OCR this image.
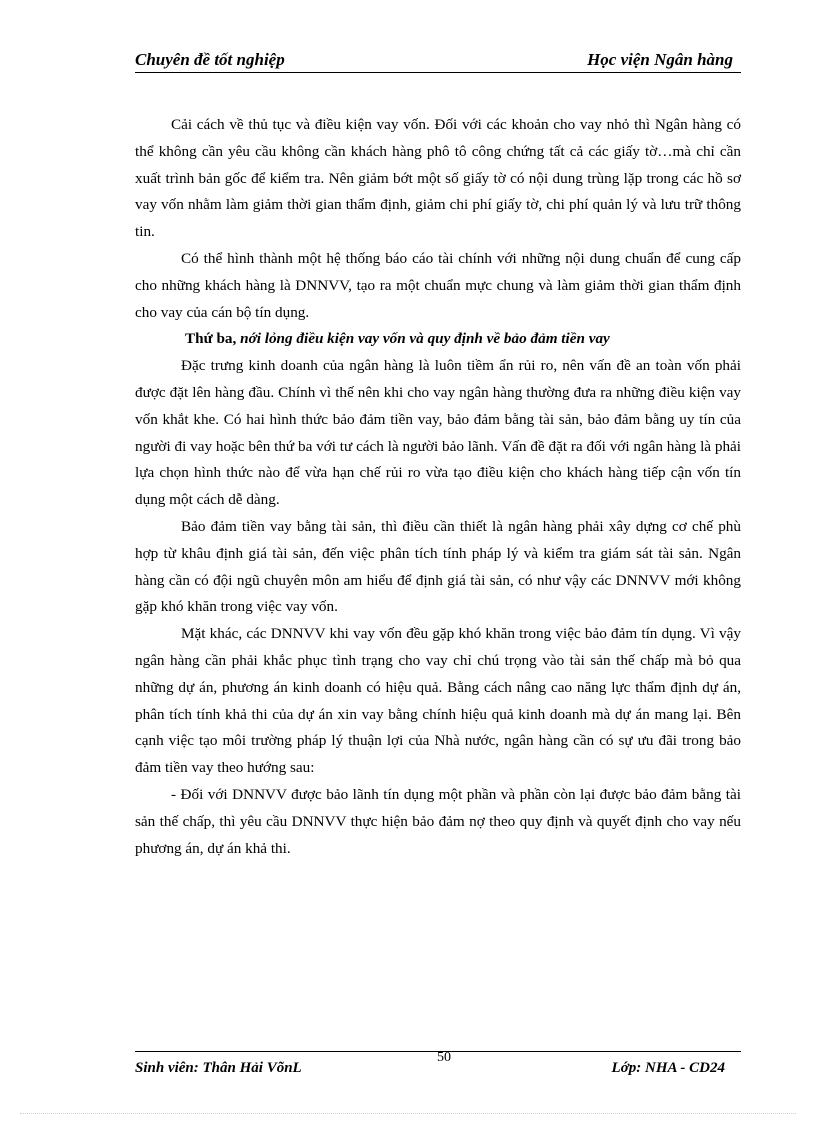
Chuyên đề tốt nghiệp	Học viện Ngân hàng

Cải cách về thủ tục và điều kiện vay vốn. Đối với các khoản cho vay nhỏ thì Ngân hàng có thể không cần yêu cầu không cần khách hàng phô tô công chứng tất cả các giấy tờ…mà chỉ cần xuất trình bản gốc để kiểm tra. Nên giảm bớt một số giấy tờ có nội dung trùng lặp trong các hồ sơ vay vốn nhằm làm giảm thời gian thẩm định, giảm chi phí giấy tờ, chi phí quản lý và lưu trữ thông tin.

Có thể hình thành một hệ thống báo cáo tài chính với những nội dung chuẩn để cung cấp cho những khách hàng là DNNVV, tạo ra một chuẩn mực chung và làm giảm thời gian thẩm định cho vay của cán bộ tín dụng.

Thứ ba, nới lỏng điều kiện vay vốn và quy định về bảo đảm tiền vay

Đặc trưng kinh doanh của ngân hàng là luôn tiềm ẩn rủi ro, nên vấn đề an toàn vốn phải được đặt lên hàng đầu. Chính vì thế nên khi cho vay ngân hàng thường đưa ra những điều kiện vay vốn khắt khe. Có hai hình thức bảo đảm tiền vay, bảo đảm bằng tài sản, bảo đảm bằng uy tín của người đi vay hoặc bên thứ ba với tư cách là người bảo lãnh. Vấn đề đặt ra đối với ngân hàng là phải lựa chọn hình thức nào để vừa hạn chế rủi ro vừa tạo điều kiện cho khách hàng tiếp cận vốn tín dụng một cách dễ dàng.

Bảo đảm tiền vay bằng tài sản, thì điều cần thiết là ngân hàng phải xây dựng cơ chế phù hợp từ khâu định giá tài sản, đến việc phân tích tính pháp lý và kiểm tra giám sát tài sản. Ngân hàng cần có đội ngũ chuyên môn am hiểu để định giá tài sản, có như vậy các DNNVV mới không gặp khó khăn trong việc vay vốn.

Mặt khác, các DNNVV khi vay vốn đều gặp khó khăn trong việc bảo đảm tín dụng. Vì vậy ngân hàng cần phải khắc phục tình trạng cho vay chỉ chú trọng vào tài sản thế chấp mà bỏ qua những dự án, phương án kinh doanh có hiệu quả. Bằng cách nâng cao năng lực thẩm định dự án, phân tích tính khả thi của dự án xin vay bằng chính hiệu quả kinh doanh mà dự án mang lại. Bên cạnh việc tạo môi trường pháp lý thuận lợi của Nhà nước, ngân hàng cần có sự ưu đãi trong bảo đảm tiền vay theo hướng sau:

- Đối với DNNVV được bảo lãnh tín dụng một phần và phần còn lại được bảo đảm bằng tài sản thế chấp, thì yêu cầu DNNVV thực hiện bảo đảm nợ theo quy định và quyết định cho vay nếu phương án, dự án khả thi.

Sinh viên: Thân Hải VõnL
50
Lớp: NHA - CD24
